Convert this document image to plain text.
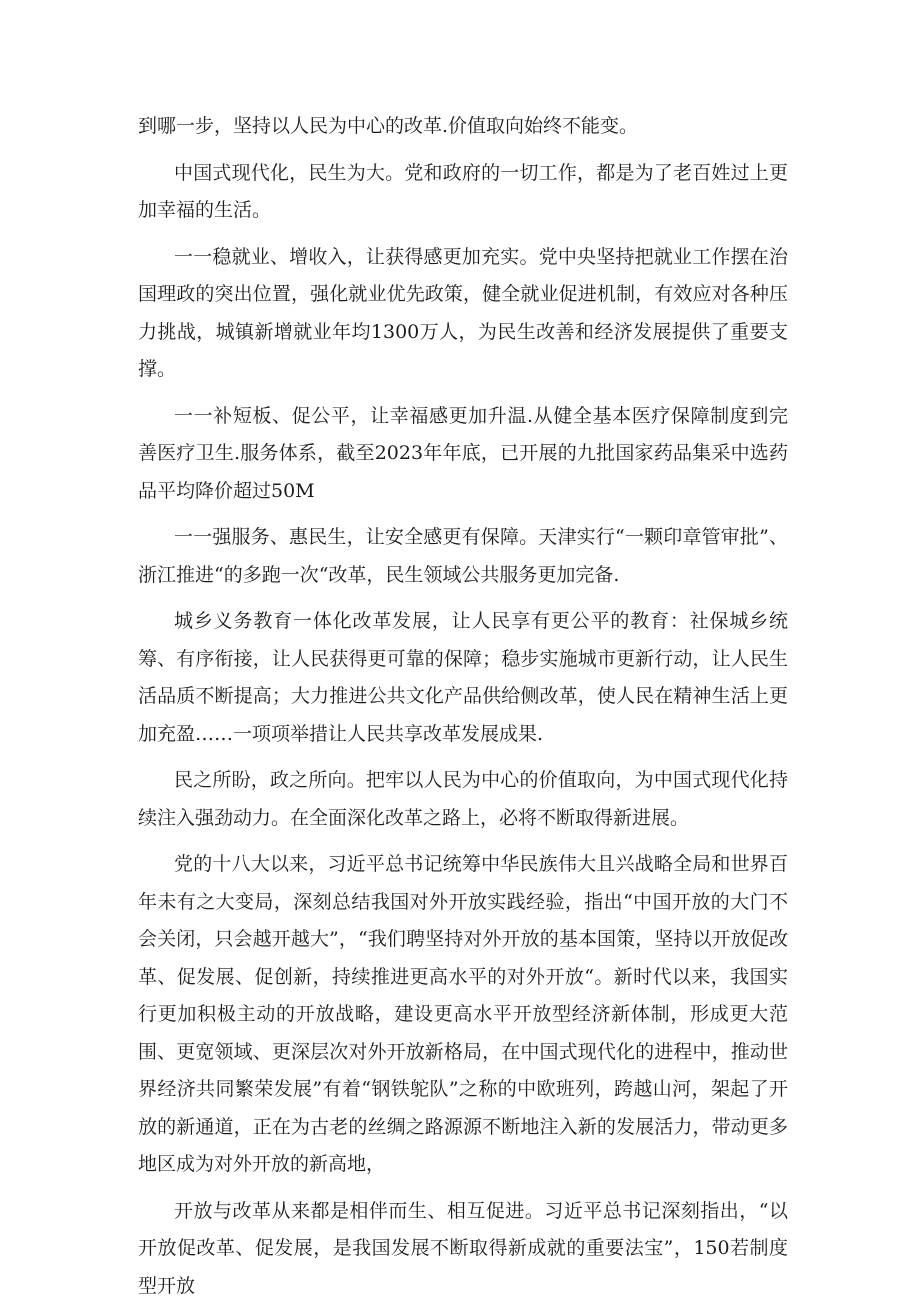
到哪一步，坚持以人民为中心的改革.价值取向始终不能变。

中国式现代化，民生为大。党和政府的一切工作，都是为了老百姓过上更加幸福的生活。

一一稳就业、增收入，让获得感更加充实。党中央坚持把就业工作摆在治国理政的突出位置，强化就业优先政策，健全就业促进机制，有效应对各种压力挑战，城镇新增就业年均1300万人，为民生改善和经济发展提供了重要支撑。

一一补短板、促公平，让幸福感更加升温.从健全基本医疗保障制度到完善医疗卫生.服务体系，截至2023年年底，已开展的九批国家药品集采中选药品平均降价超过50M

一一强服务、惠民生，让安全感更有保障。天津实行“一颗印章管审批”、浙江推进“的多跑一次“改革，民生领域公共服务更加完备.

城乡义务教育一体化改革发展，让人民享有更公平的教育：社保城乡统筹、有序衔接，让人民获得更可靠的保障；稳步实施城市更新行动，让人民生活品质不断提高；大力推进公共文化产品供给侧改革，使人民在精神生活上更加充盈……一项项举措让人民共享改革发展成果.

民之所盼，政之所向。把牢以人民为中心的价值取向，为中国式现代化持续注入强劲动力。在全面深化改革之路上，必将不断取得新进展。

党的十八大以来，习近平总书记统筹中华民族伟大且兴战略全局和世界百年未有之大变局，深刻总结我国对外开放实践经验，指出“中国开放的大门不会关闭，只会越开越大”，“我们聘坚持对外开放的基本国策，坚持以开放促改革、促发展、促创新，持续推进更高水平的对外开放“。新时代以来，我国实行更加积极主动的开放战略，建设更高水平开放型经济新体制，形成更大范围、更宽领域、更深层次对外开放新格局，在中国式现代化的进程中，推动世界经济共同繁荣发展”有着“钢铁鸵队”之称的中欧班列，跨越山河，架起了开放的新通道，正在为古老的丝绸之路源源不断地注入新的发展活力，带动更多地区成为对外开放的新高地，

开放与改革从来都是相伴而生、相互促进。习近平总书记深刻指出，“以开放促改革、促发展，是我国发展不断取得新成就的重要法宝”，150若制度型开放
